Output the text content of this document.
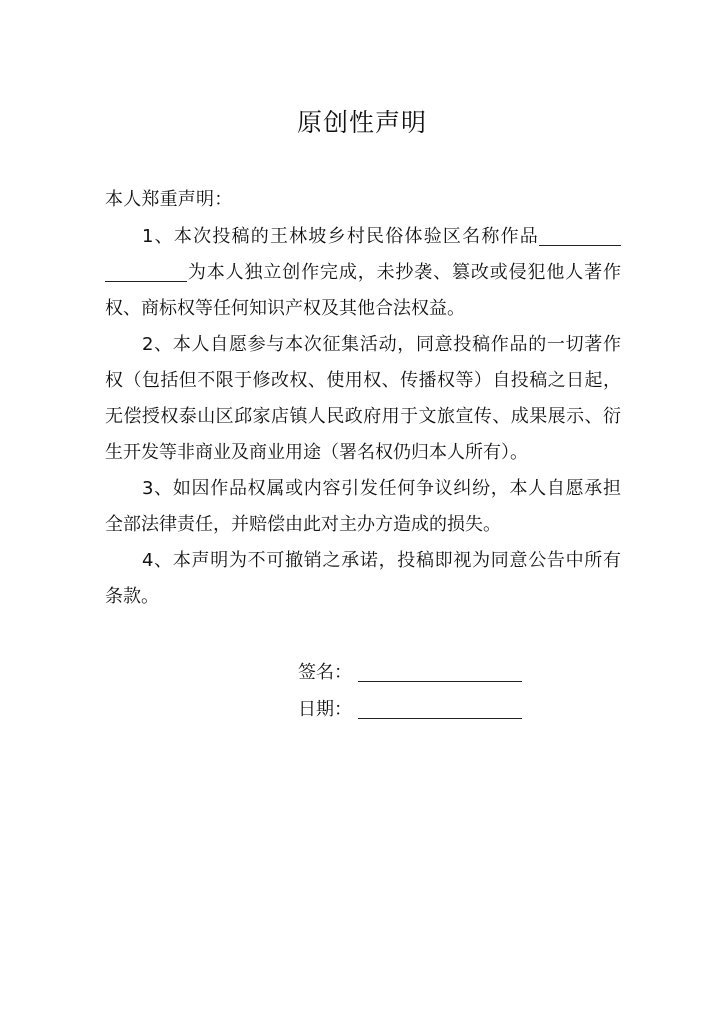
原创性声明
本人郑重声明：
1、本次投稿的王林坡乡村民俗体验区名称作品为本人独立创作完成，未抄袭、篡改或侵犯他人著作权、商标权等任何知识产权及其他合法权益。
2、本人自愿参与本次征集活动，同意投稿作品的一切著作权（包括但不限于修改权、使用权、传播权等）自投稿之日起，无偿授权泰山区邱家店镇人民政府用于文旅宣传、成果展示、衍生开发等非商业及商业用途（署名权仍归本人所有）。
3、如因作品权属或内容引发任何争议纠纷，本人自愿承担全部法律责任，并赔偿由此对主办方造成的损失。
4、本声明为不可撤销之承诺，投稿即视为同意公告中所有条款。
签名：
日期：
